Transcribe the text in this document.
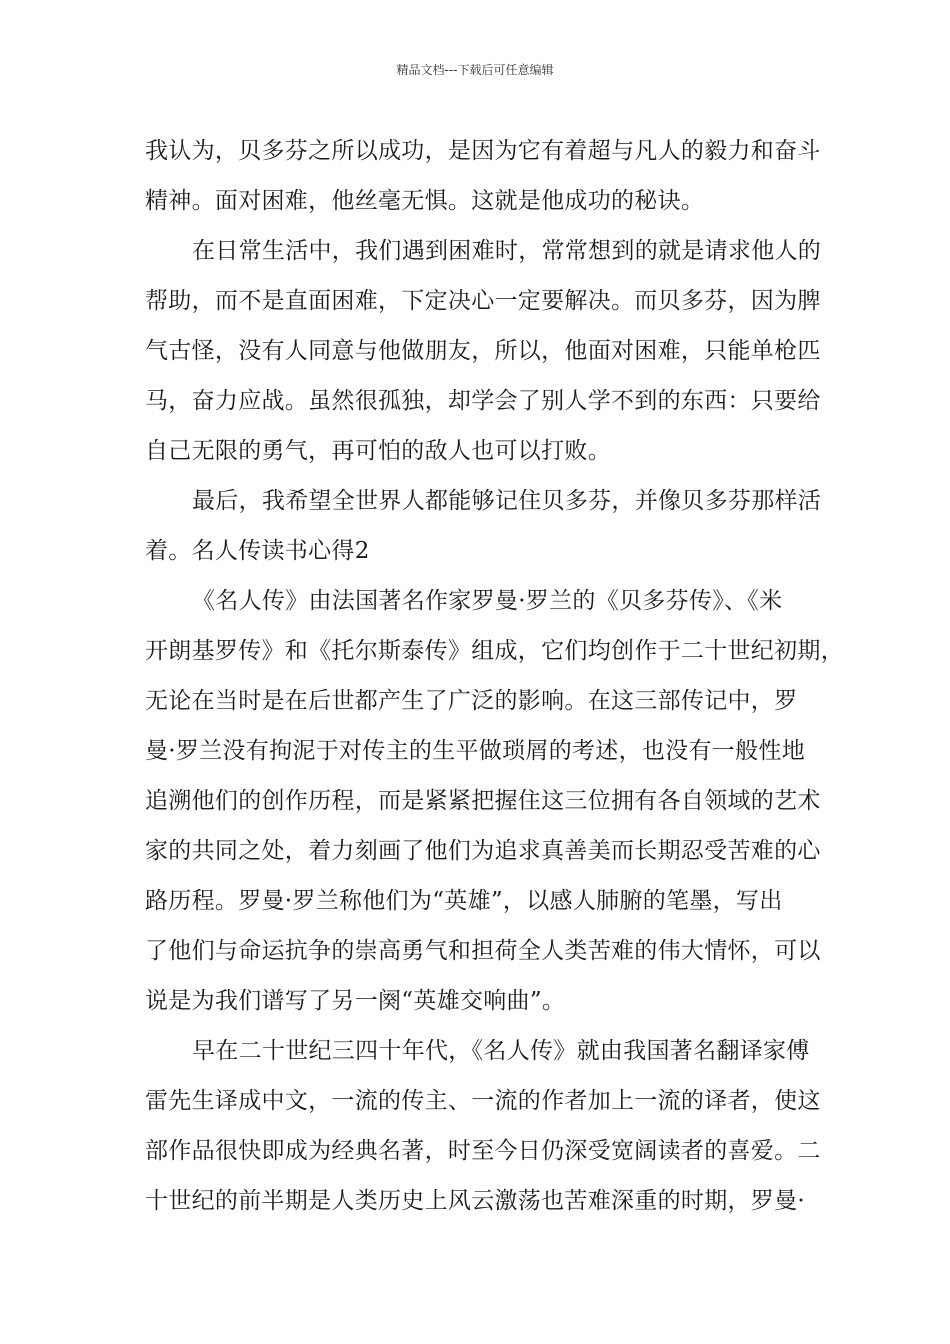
精品文档---下载后可任意编辑
我认为，贝多芬之所以成功，是因为它有着超与凡人的毅力和奋斗
精神。面对困难，他丝毫无惧。这就是他成功的秘诀。
在日常生活中，我们遇到困难时，常常想到的就是请求他人的
帮助，而不是直面困难，下定决心一定要解决。而贝多芬，因为脾
气古怪，没有人同意与他做朋友，所以，他面对困难，只能单枪匹
马，奋力应战。虽然很孤独，却学会了别人学不到的东西：只要给
自己无限的勇气，再可怕的敌人也可以打败。
最后，我希望全世界人都能够记住贝多芬，并像贝多芬那样活
着。名人传读书心得2
《名人传》由法国著名作家罗曼·罗兰的《贝多芬传》、《米
开朗基罗传》和《托尔斯泰传》组成，它们均创作于二十世纪初期，
无论在当时是在后世都产生了广泛的影响。在这三部传记中，罗
曼·罗兰没有拘泥于对传主的生平做琐屑的考述，也没有一般性地
追溯他们的创作历程，而是紧紧把握住这三位拥有各自领域的艺术
家的共同之处，着力刻画了他们为追求真善美而长期忍受苦难的心
路历程。罗曼·罗兰称他们为“英雄”，以感人肺腑的笔墨，写出
了他们与命运抗争的崇高勇气和担荷全人类苦难的伟大情怀，可以
说是为我们谱写了另一阕“英雄交响曲”。
早在二十世纪三四十年代，《名人传》就由我国著名翻译家傅
雷先生译成中文，一流的传主、一流的作者加上一流的译者，使这
部作品很快即成为经典名著，时至今日仍深受宽阔读者的喜爱。二
十世纪的前半期是人类历史上风云激荡也苦难深重的时期，罗曼·
